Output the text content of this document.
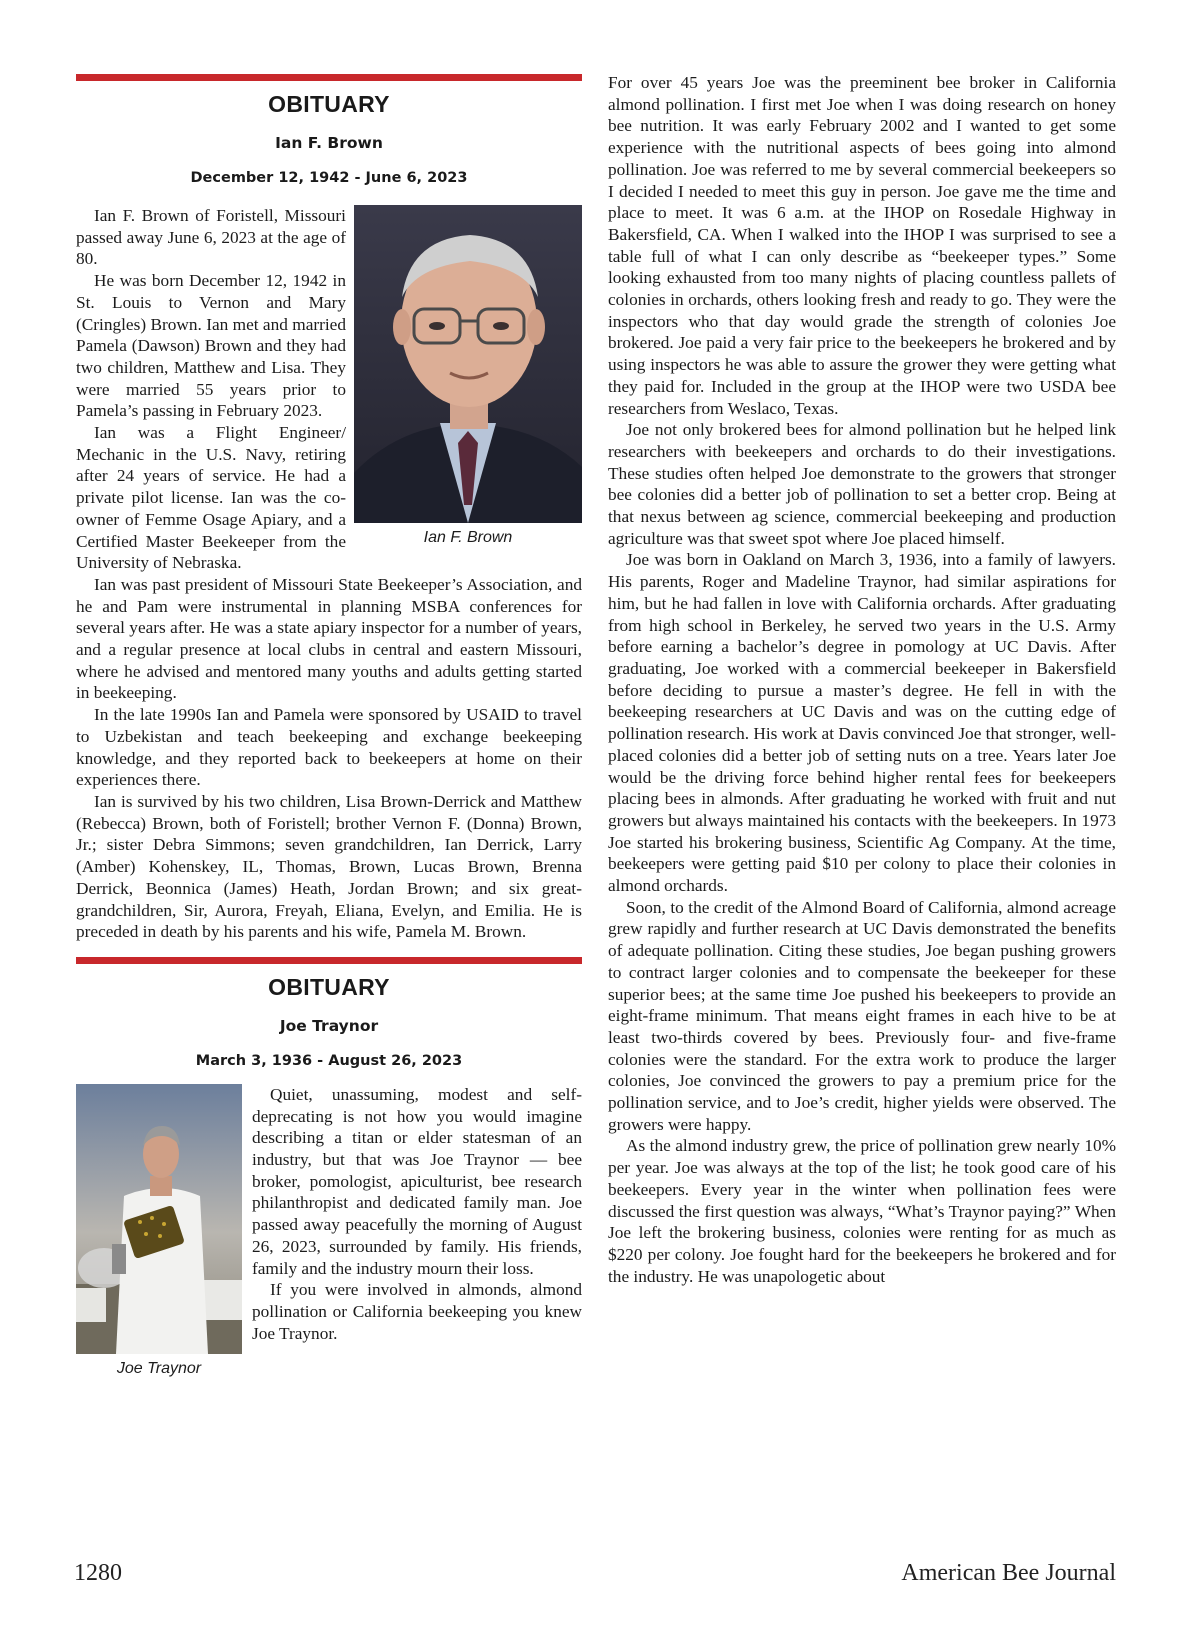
OBITUARY
Ian F. Brown
December 12, 1942 - June 6, 2023
Ian F. Brown

Ian F. Brown of Foristell, Missouri passed away June 6, 2023 at the age of 80.

He was born December 12, 1942 in St. Louis to Vernon and Mary (Cringles) Brown. Ian met and married Pamela (Dawson) Brown and they had two children, Matthew and Lisa. They were married 55 years prior to Pamela’s passing in February 2023.

Ian was a Flight Engineer/ Mechanic in the U.S. Navy, retiring after 24 years of service. He had a private pilot license. Ian was the co-owner of Femme Osage Apiary, and a Certified Master Beekeeper from the University of Nebraska.

Ian was past president of Missouri State Beekeeper’s Association, and he and Pam were instrumental in planning MSBA conferences for several years after. He was a state apiary inspector for a number of years, and a regular presence at local clubs in central and eastern Missouri, where he advised and mentored many youths and adults getting started in beekeeping.

In the late 1990s Ian and Pamela were sponsored by USAID to travel to Uzbekistan and teach beekeeping and exchange beekeeping knowledge, and they reported back to beekeepers at home on their experiences there.

Ian is survived by his two children, Lisa Brown-Derrick and Matthew (Rebecca) Brown, both of Foristell; brother Vernon F. (Donna) Brown, Jr.; sister Debra Simmons; seven grandchildren, Ian Derrick, Larry (Amber) Kohenskey, IL, Thomas, Brown, Lucas Brown, Brenna Derrick, Beonnica (James) Heath, Jordan Brown; and six great-grandchildren, Sir, Aurora, Freyah, Eliana, Evelyn, and Emilia. He is preceded in death by his parents and his wife, Pamela M. Brown.

OBITUARY
Joe Traynor
March 3, 1936 - August 26, 2023
Joe Traynor

Quiet, unassuming, modest and self-deprecating is not how you would imagine describing a titan or elder statesman of an industry, but that was Joe Traynor — bee broker, pomologist, apiculturist, bee research philanthropist and dedicated family man. Joe passed away peacefully the morning of August 26, 2023, surrounded by family. His friends, family and the industry mourn their loss.

If you were involved in almonds, almond pollination or California beekeeping you knew Joe Traynor.

For over 45 years Joe was the preeminent bee broker in California almond pollination. I first met Joe when I was doing research on honey bee nutrition. It was early February 2002 and I wanted to get some experience with the nutritional aspects of bees going into almond pollination. Joe was referred to me by several commercial beekeepers so I decided I needed to meet this guy in person. Joe gave me the time and place to meet. It was 6 a.m. at the IHOP on Rosedale Highway in Bakersfield, CA. When I walked into the IHOP I was surprised to see a table full of what I can only describe as “beekeeper types.” Some looking exhausted from too many nights of placing countless pallets of colonies in orchards, others looking fresh and ready to go. They were the inspectors who that day would grade the strength of colonies Joe brokered. Joe paid a very fair price to the beekeepers he brokered and by using inspectors he was able to assure the grower they were getting what they paid for. Included in the group at the IHOP were two USDA bee researchers from Weslaco, Texas.

Joe not only brokered bees for almond pollination but he helped link researchers with beekeepers and orchards to do their investigations. These studies often helped Joe demonstrate to the growers that stronger bee colonies did a better job of pollination to set a better crop. Being at that nexus between ag science, commercial beekeeping and production agriculture was that sweet spot where Joe placed himself.

Joe was born in Oakland on March 3, 1936, into a family of lawyers. His parents, Roger and Madeline Traynor, had similar aspirations for him, but he had fallen in love with California orchards. After graduating from high school in Berkeley, he served two years in the U.S. Army before earning a bachelor’s degree in pomology at UC Davis. After graduating, Joe worked with a commercial beekeeper in Bakersfield before deciding to pursue a master’s degree. He fell in with the beekeeping researchers at UC Davis and was on the cutting edge of pollination research. His work at Davis convinced Joe that stronger, well-placed colonies did a better job of setting nuts on a tree. Years later Joe would be the driving force behind higher rental fees for beekeepers placing bees in almonds. After graduating he worked with fruit and nut growers but always maintained his contacts with the beekeepers. In 1973 Joe started his brokering business, Scientific Ag Company. At the time, beekeepers were getting paid $10 per colony to place their colonies in almond orchards.

Soon, to the credit of the Almond Board of California, almond acreage grew rapidly and further research at UC Davis demonstrated the benefits of adequate pollination. Citing these studies, Joe began pushing growers to contract larger colonies and to compensate the beekeeper for these superior bees; at the same time Joe pushed his beekeepers to provide an eight-frame minimum. That means eight frames in each hive to be at least two-thirds covered by bees. Previously four- and five-frame colonies were the standard. For the extra work to produce the larger colonies, Joe convinced the growers to pay a premium price for the pollination service, and to Joe’s credit, higher yields were observed. The growers were happy.

As the almond industry grew, the price of pollination grew nearly 10% per year. Joe was always at the top of the list; he took good care of his beekeepers. Every year in the winter when pollination fees were discussed the first question was always, “What’s Traynor paying?” When Joe left the brokering business, colonies were renting for as much as $220 per colony. Joe fought hard for the beekeepers he brokered and for the industry. He was unapologetic about

1280	American Bee Journal
